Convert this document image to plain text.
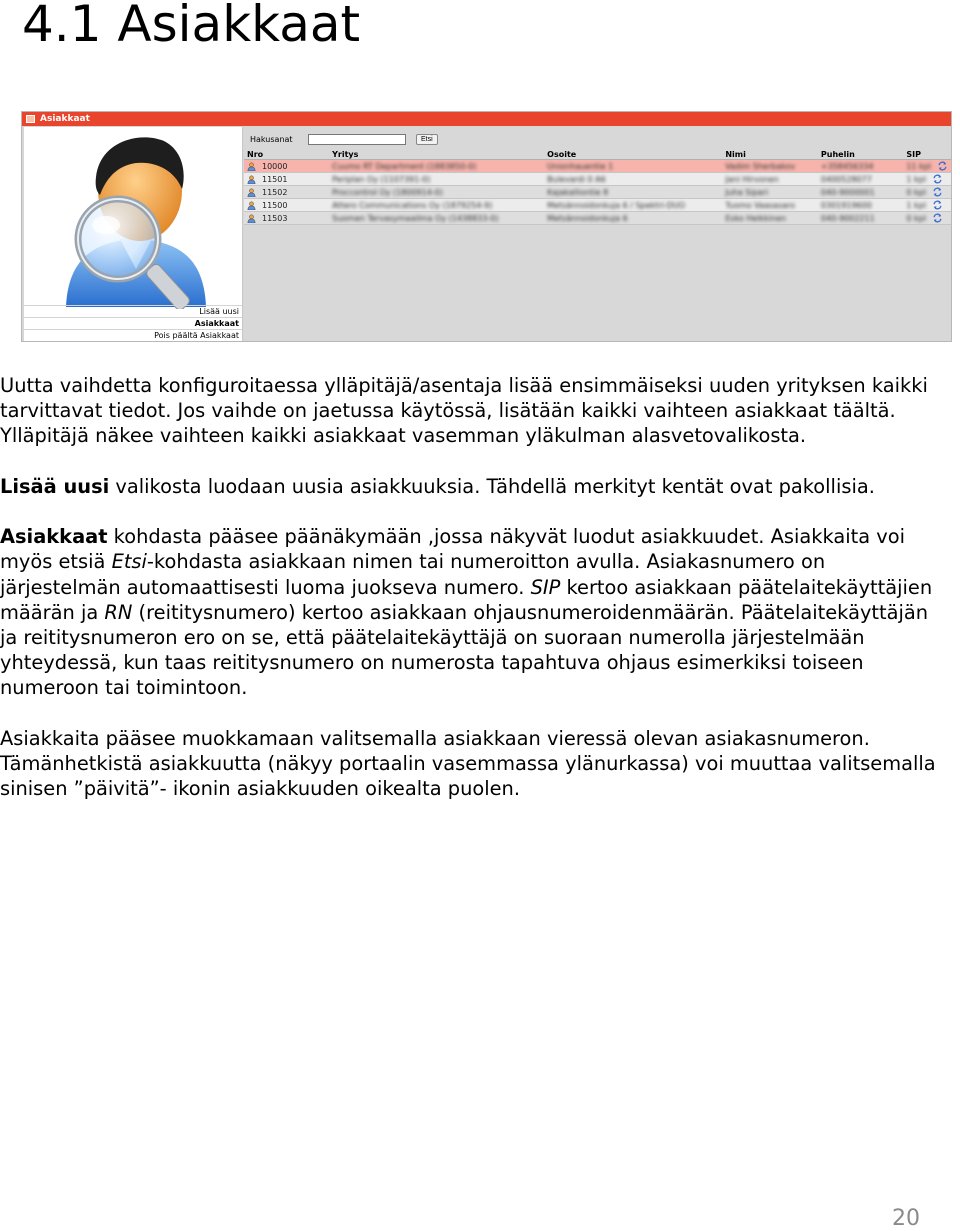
4.1 Asiakkaat
Asiakkaat
Lisää uusi
Asiakkaat
Pois päältä Asiakkaat
Hakusanat	Etsi
Nro	Yritys	Osoite	Nimi	Puhelin	SIP
10000	Cuumo RT Department (1883850-0)	Unionhauentie 1	Vadim Sherbakov	+358456334	11 kpl
11501	Periplan Oy (1107391-0)	Bulevardi 0 A6	Jani Hirvonen	0400528077	1 kpl
11502	Proccontrol Oy (1800914-0)	Kajakalliontie 8	Juha Sipari	040-9000001	0 kpl
11500	Attero Communications Oy (1879254-9)	Metsännoidonkuja 6 / Spektri-DUO	Tuomo Vaasasaro	0301919600	1 kpl
11503	Suomen Tervasymaailma Oy (1438833-0)	Metsännoidonkuja 6	Esko Heikkinen	040-9002211	0 kpl

Uutta vaihdetta konfiguroitaessa ylläpitäjä/asentaja lisää ensimmäiseksi uuden yrityksen kaikki tarvittavat tiedot. Jos vaihde on jaetussa käytössä, lisätään kaikki vaihteen asiakkaat täältä. Ylläpitäjä näkee vaihteen kaikki asiakkaat vasemman yläkulman alasvetovalikosta.

Lisää uusi valikosta luodaan uusia asiakkuuksia. Tähdellä merkityt kentät ovat pakollisia.

Asiakkaat kohdasta pääsee päänäkymään ,jossa näkyvät luodut asiakkuudet. Asiakkaita voi myös etsiä Etsi-kohdasta asiakkaan nimen tai numeroitton avulla. Asiakasnumero on järjestelmän automaattisesti luoma juokseva numero. SIP kertoo asiakkaan päätelaitekäyttäjien määrän ja RN (reititysnumero) kertoo asiakkaan ohjausnumeroidenmäärän. Päätelaitekäyttäjän ja reititysnumeron ero on se, että päätelaitekäyttäjä on suoraan numerolla järjestelmään yhteydessä, kun taas reititysnumero on numerosta tapahtuva ohjaus esimerkiksi toiseen numeroon tai toimintoon.

Asiakkaita pääsee muokkamaan valitsemalla asiakkaan vieressä olevan asiakasnumeron. Tämänhetkistä asiakkuutta (näkyy portaalin vasemmassa ylänurkassa) voi muuttaa valitsemalla sinisen ”päivitä”- ikonin asiakkuuden oikealta puolen.

20
